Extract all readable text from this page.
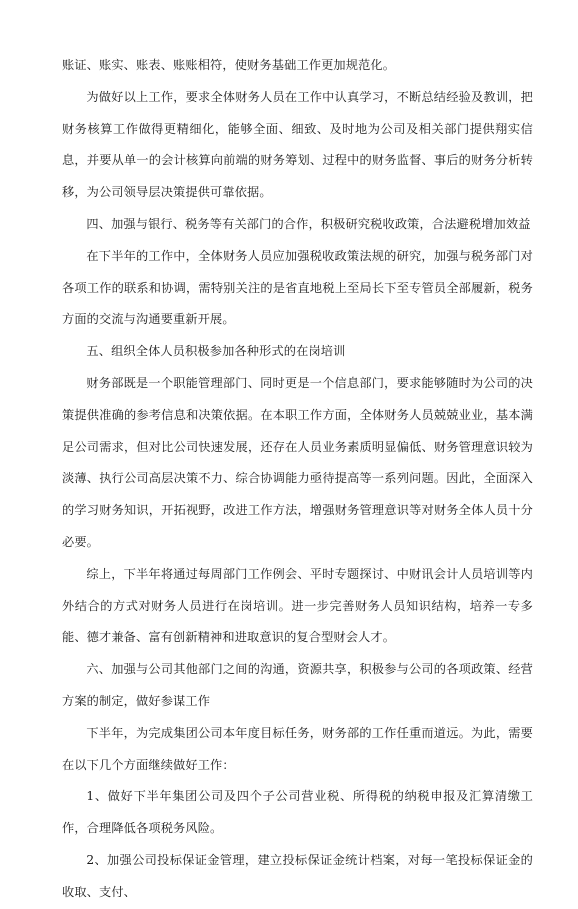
账证、账实、账表、账账相符，使财务基础工作更加规范化。

为做好以上工作，要求全体财务人员在工作中认真学习，不断总结经验及教训，把财务核算工作做得更精细化，能够全面、细致、及时地为公司及相关部门提供翔实信息，并要从单一的会计核算向前端的财务筹划、过程中的财务监督、事后的财务分析转移，为公司领导层决策提供可靠依据。

四、加强与银行、税务等有关部门的合作，积极研究税收政策，合法避税增加效益

在下半年的工作中，全体财务人员应加强税收政策法规的研究，加强与税务部门对各项工作的联系和协调，需特别关注的是省直地税上至局长下至专管员全部履新，税务方面的交流与沟通要重新开展。

五、组织全体人员积极参加各种形式的在岗培训

财务部既是一个职能管理部门、同时更是一个信息部门，要求能够随时为公司的决策提供准确的参考信息和决策依据。在本职工作方面，全体财务人员兢兢业业，基本满足公司需求，但对比公司快速发展，还存在人员业务素质明显偏低、财务管理意识较为淡薄、执行公司高层决策不力、综合协调能力亟待提高等一系列问题。因此，全面深入的学习财务知识，开拓视野，改进工作方法，增强财务管理意识等对财务全体人员十分必要。

综上，下半年将通过每周部门工作例会、平时专题探讨、中财讯会计人员培训等内外结合的方式对财务人员进行在岗培训。进一步完善财务人员知识结构，培养一专多能、德才兼备、富有创新精神和进取意识的复合型财会人才。

六、加强与公司其他部门之间的沟通，资源共享，积极参与公司的各项政策、经营方案的制定，做好参谋工作

下半年，为完成集团公司本年度目标任务，财务部的工作任重而道远。为此，需要在以下几个方面继续做好工作：

1、做好下半年集团公司及四个子公司营业税、所得税的纳税申报及汇算清缴工作，合理降低各项税务风险。

2、加强公司投标保证金管理，建立投标保证金统计档案，对每一笔投标保证金的收取、支付、
